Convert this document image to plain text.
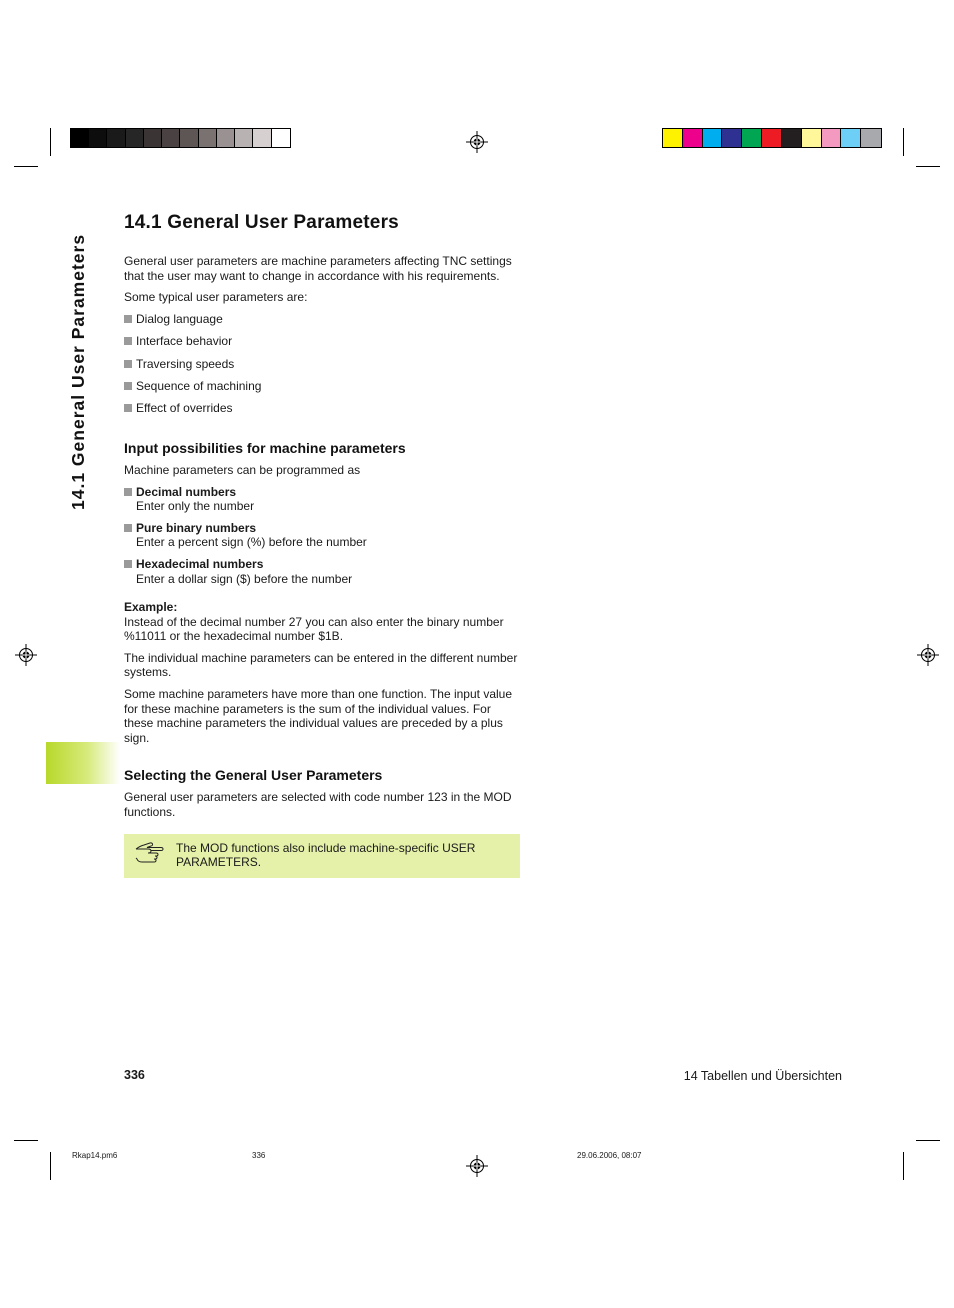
14.1 General User Parameters
14.1 General User Parameters

General user parameters are machine parameters affecting TNC settings that the user may want to change in accordance with his requirements.

Some typical user parameters are:

Dialog language
Interface behavior
Traversing speeds
Sequence of machining
Effect of overrides
Input possibilities for machine parameters

Machine parameters can be programmed as

Decimal numbers
Enter only the number
Pure binary numbers
Enter a percent sign (%) before the number
Hexadecimal numbers
Enter a dollar sign ($) before the number

Example:
Instead of the decimal number 27 you can also enter the binary number %11011 or the hexadecimal number $1B.

The individual machine parameters can be entered in the different number systems.

Some machine parameters have more than one function. The input value for these machine parameters is the sum of the individual values. For these machine parameters the individual values are preceded by a plus sign.

Selecting the General User Parameters

General user parameters are selected with code number 123 in the MOD functions.

The MOD functions also include machine-specific USER PARAMETERS.
336	14 Tabellen und Übersichten
Rkap14.pm6	336	29.06.2006, 08:07
